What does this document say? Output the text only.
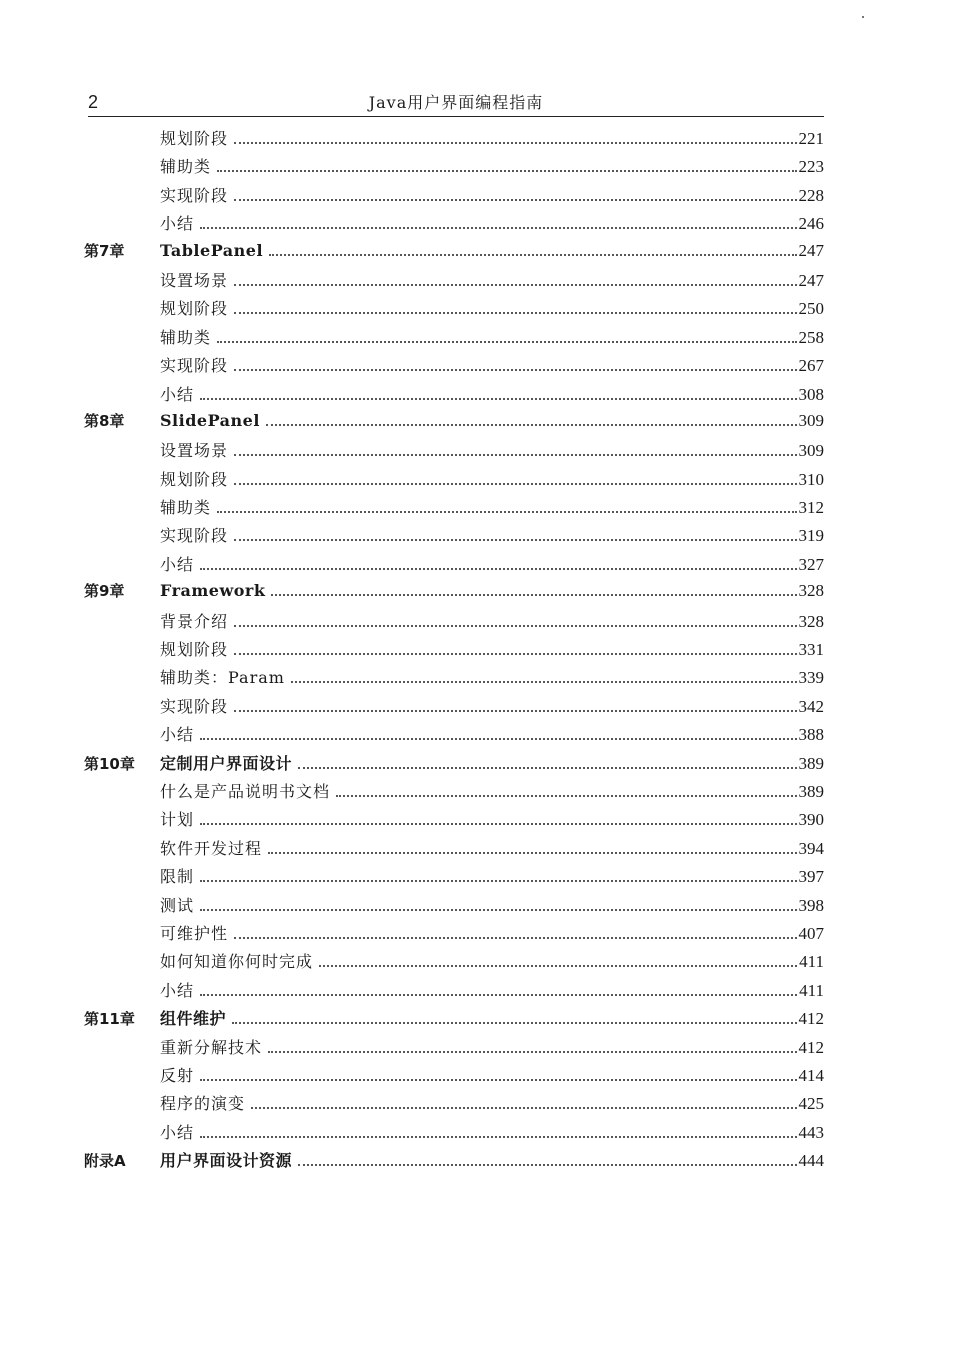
2	Java用户界面编程指南
规划阶段	221
辅助类	223
实现阶段	228
小结	246
第7章	TablePanel	247
设置场景	247
规划阶段	250
辅助类	258
实现阶段	267
小结	308
第8章	SlidePanel	309
设置场景	309
规划阶段	310
辅助类	312
实现阶段	319
小结	327
第9章	Framework	328
背景介绍	328
规划阶段	331
辅助类：Param	339
实现阶段	342
小结	388
第10章	定制用户界面设计	389
什么是产品说明书文档	389
计划	390
软件开发过程	394
限制	397
测试	398
可维护性	407
如何知道你何时完成	411
小结	411
第11章	组件维护	412
重新分解技术	412
反射	414
程序的演变	425
小结	443
附录A	用户界面设计资源	444
